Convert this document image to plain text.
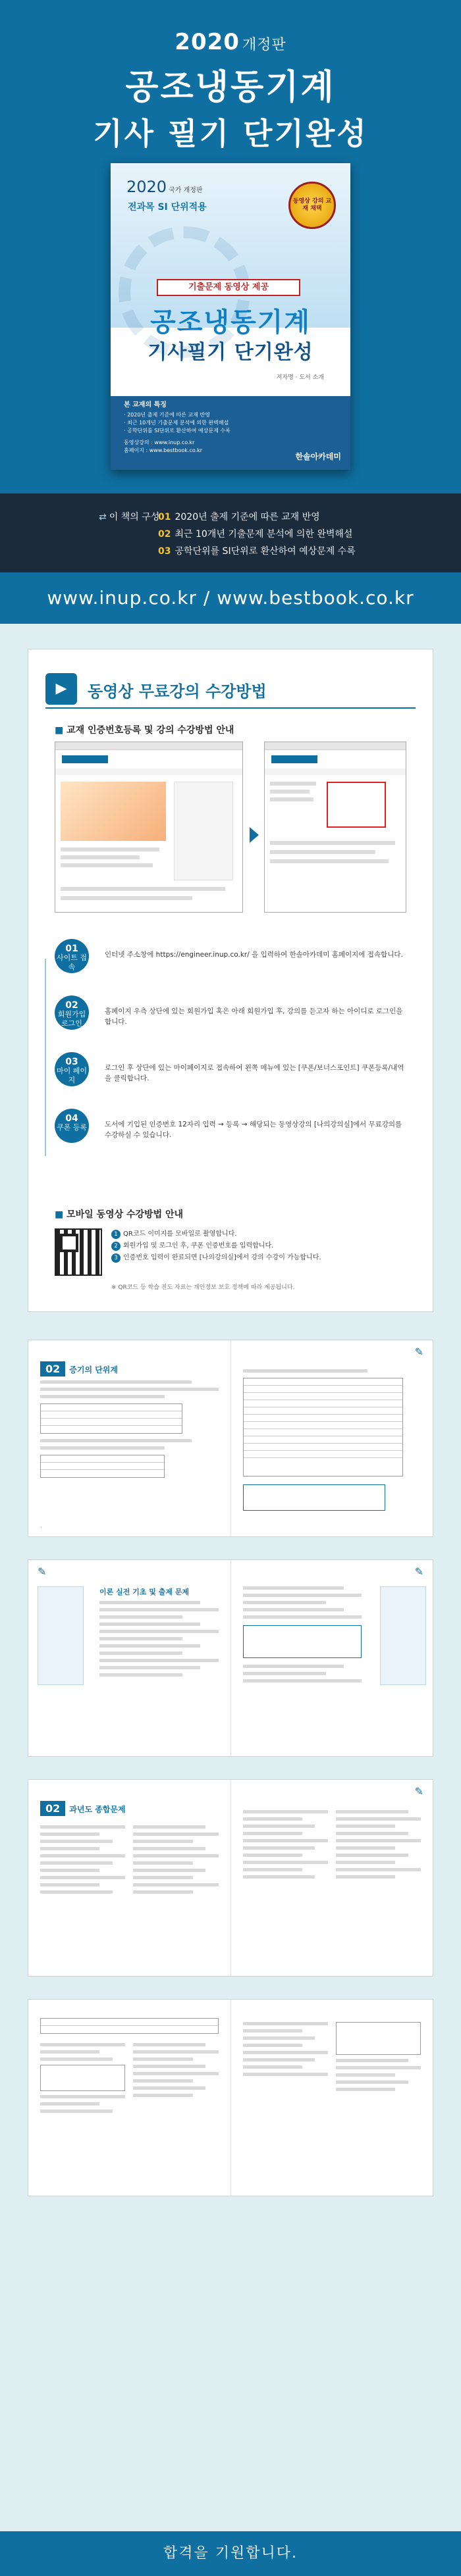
2020 개정판
공조냉동기계
기사 필기 단기완성
2020 국가 개정판
전과목 SI 단위적용
동영상 강의 교재 채택
기출문제 동영상 제공
공조냉동기계
기사필기 단기완성
저자명 · 도서 소개
본 교재의 특징
· 2020년 출제 기준에 따른 교재 반영
· 최근 10개년 기출문제 분석에 의한 완벽해설
· 공학단위를 SI단위로 환산하여 예상문제 수록
동영상강의 : www.inup.co.kr
홈페이지 : www.bestbook.co.kr
한솔아카데미
⇄ 이 책의 구성
01 2020년 출제 기준에 따른 교재 반영
02 최근 10개년 기출문제 분석에 의한 완벽해설
03 공학단위를 SI단위로 환산하여 예상문제 수록
www.inup.co.kr / www.bestbook.co.kr
▶	동영상 무료강의 수강방법
■ 교재 인증번호등록 및 강의 수강방법 안내
01
사이트 접속
인터넷 주소창에 https://engineer.inup.co.kr/ 을 입력하여 한솔아카데미 홈페이지에 접속합니다.
02
회원가입 로그인
홈페이지 우측 상단에 있는 회원가입 혹은 아래 회원가입 후, 강의를 듣고자 하는 아이디로 로그인을 합니다.
03
마이 페이지
로그인 후 상단에 있는 마이페이지로 접속하여 왼쪽 메뉴에 있는 [쿠폰/보너스포인트] 쿠폰등록/내역을 클릭합니다.
04
쿠폰 등록	도서에 기입된 인증번호 12자리 입력 → 등록 → 해당되는 동영상강의 [나의강의실]에서 무료강의를 수강하실 수 있습니다.
■ 모바일 동영상 수강방법 안내
1 QR코드 이미지를 모바일로 촬영합니다.
2 회원가입 및 로그인 후, 쿠폰 인증번호를 입력합니다.
3 인증번호 입력이 완료되면 [나의강의실]에서 강의 수강이 가능합니다.
※ QR코드 등 학습 진도 자료는 개인정보 보호 정책에 따라 제공됩니다.
02 증기의 단위계
·
✎
✎
이론 실전 기초 및 출제 문제
✎
02 과년도 종합문제
✎
합격을 기원합니다.
